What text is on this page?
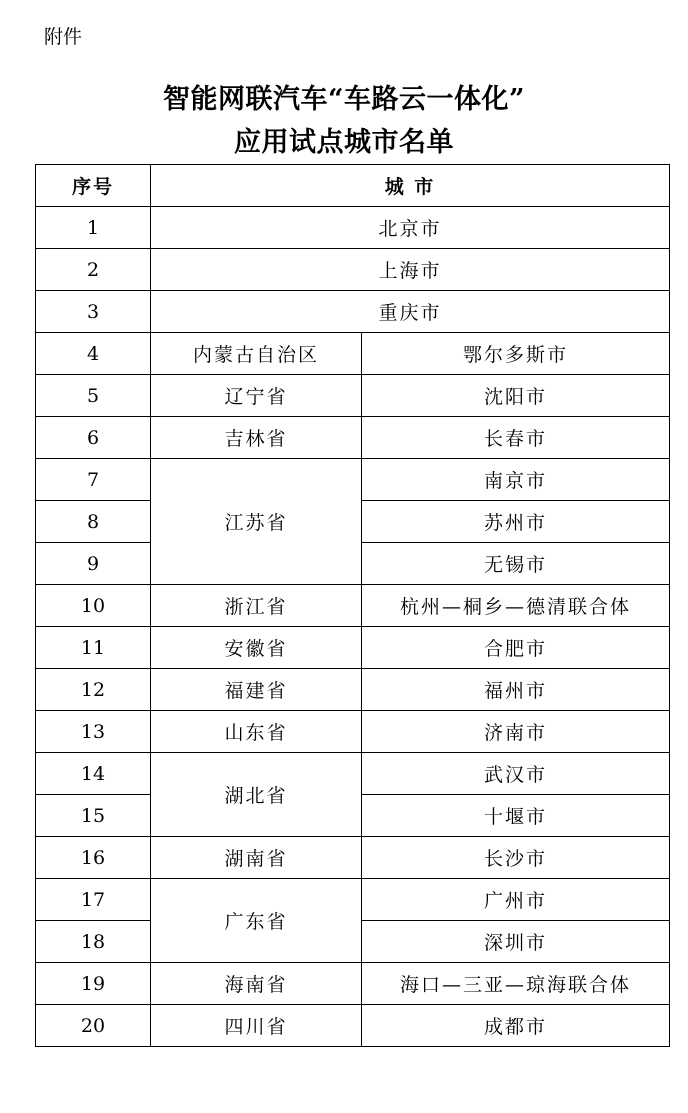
附件
智能网联汽车“车路云一体化”
应用试点城市名单
序号	城 市	
1	北京市	
2	上海市	
3	重庆市	
4	内蒙古自治区	鄂尔多斯市
5	辽宁省	沈阳市
6	吉林省	长春市
7	江苏省	南京市
8		苏州市
9		无锡市
10	浙江省	杭州—桐乡—德清联合体
11	安徽省	合肥市
12	福建省	福州市
13	山东省	济南市
14	湖北省	武汉市
15		十堰市
16	湖南省	长沙市
17	广东省	广州市
18		深圳市
19	海南省	海口—三亚—琼海联合体
20	四川省	成都市
